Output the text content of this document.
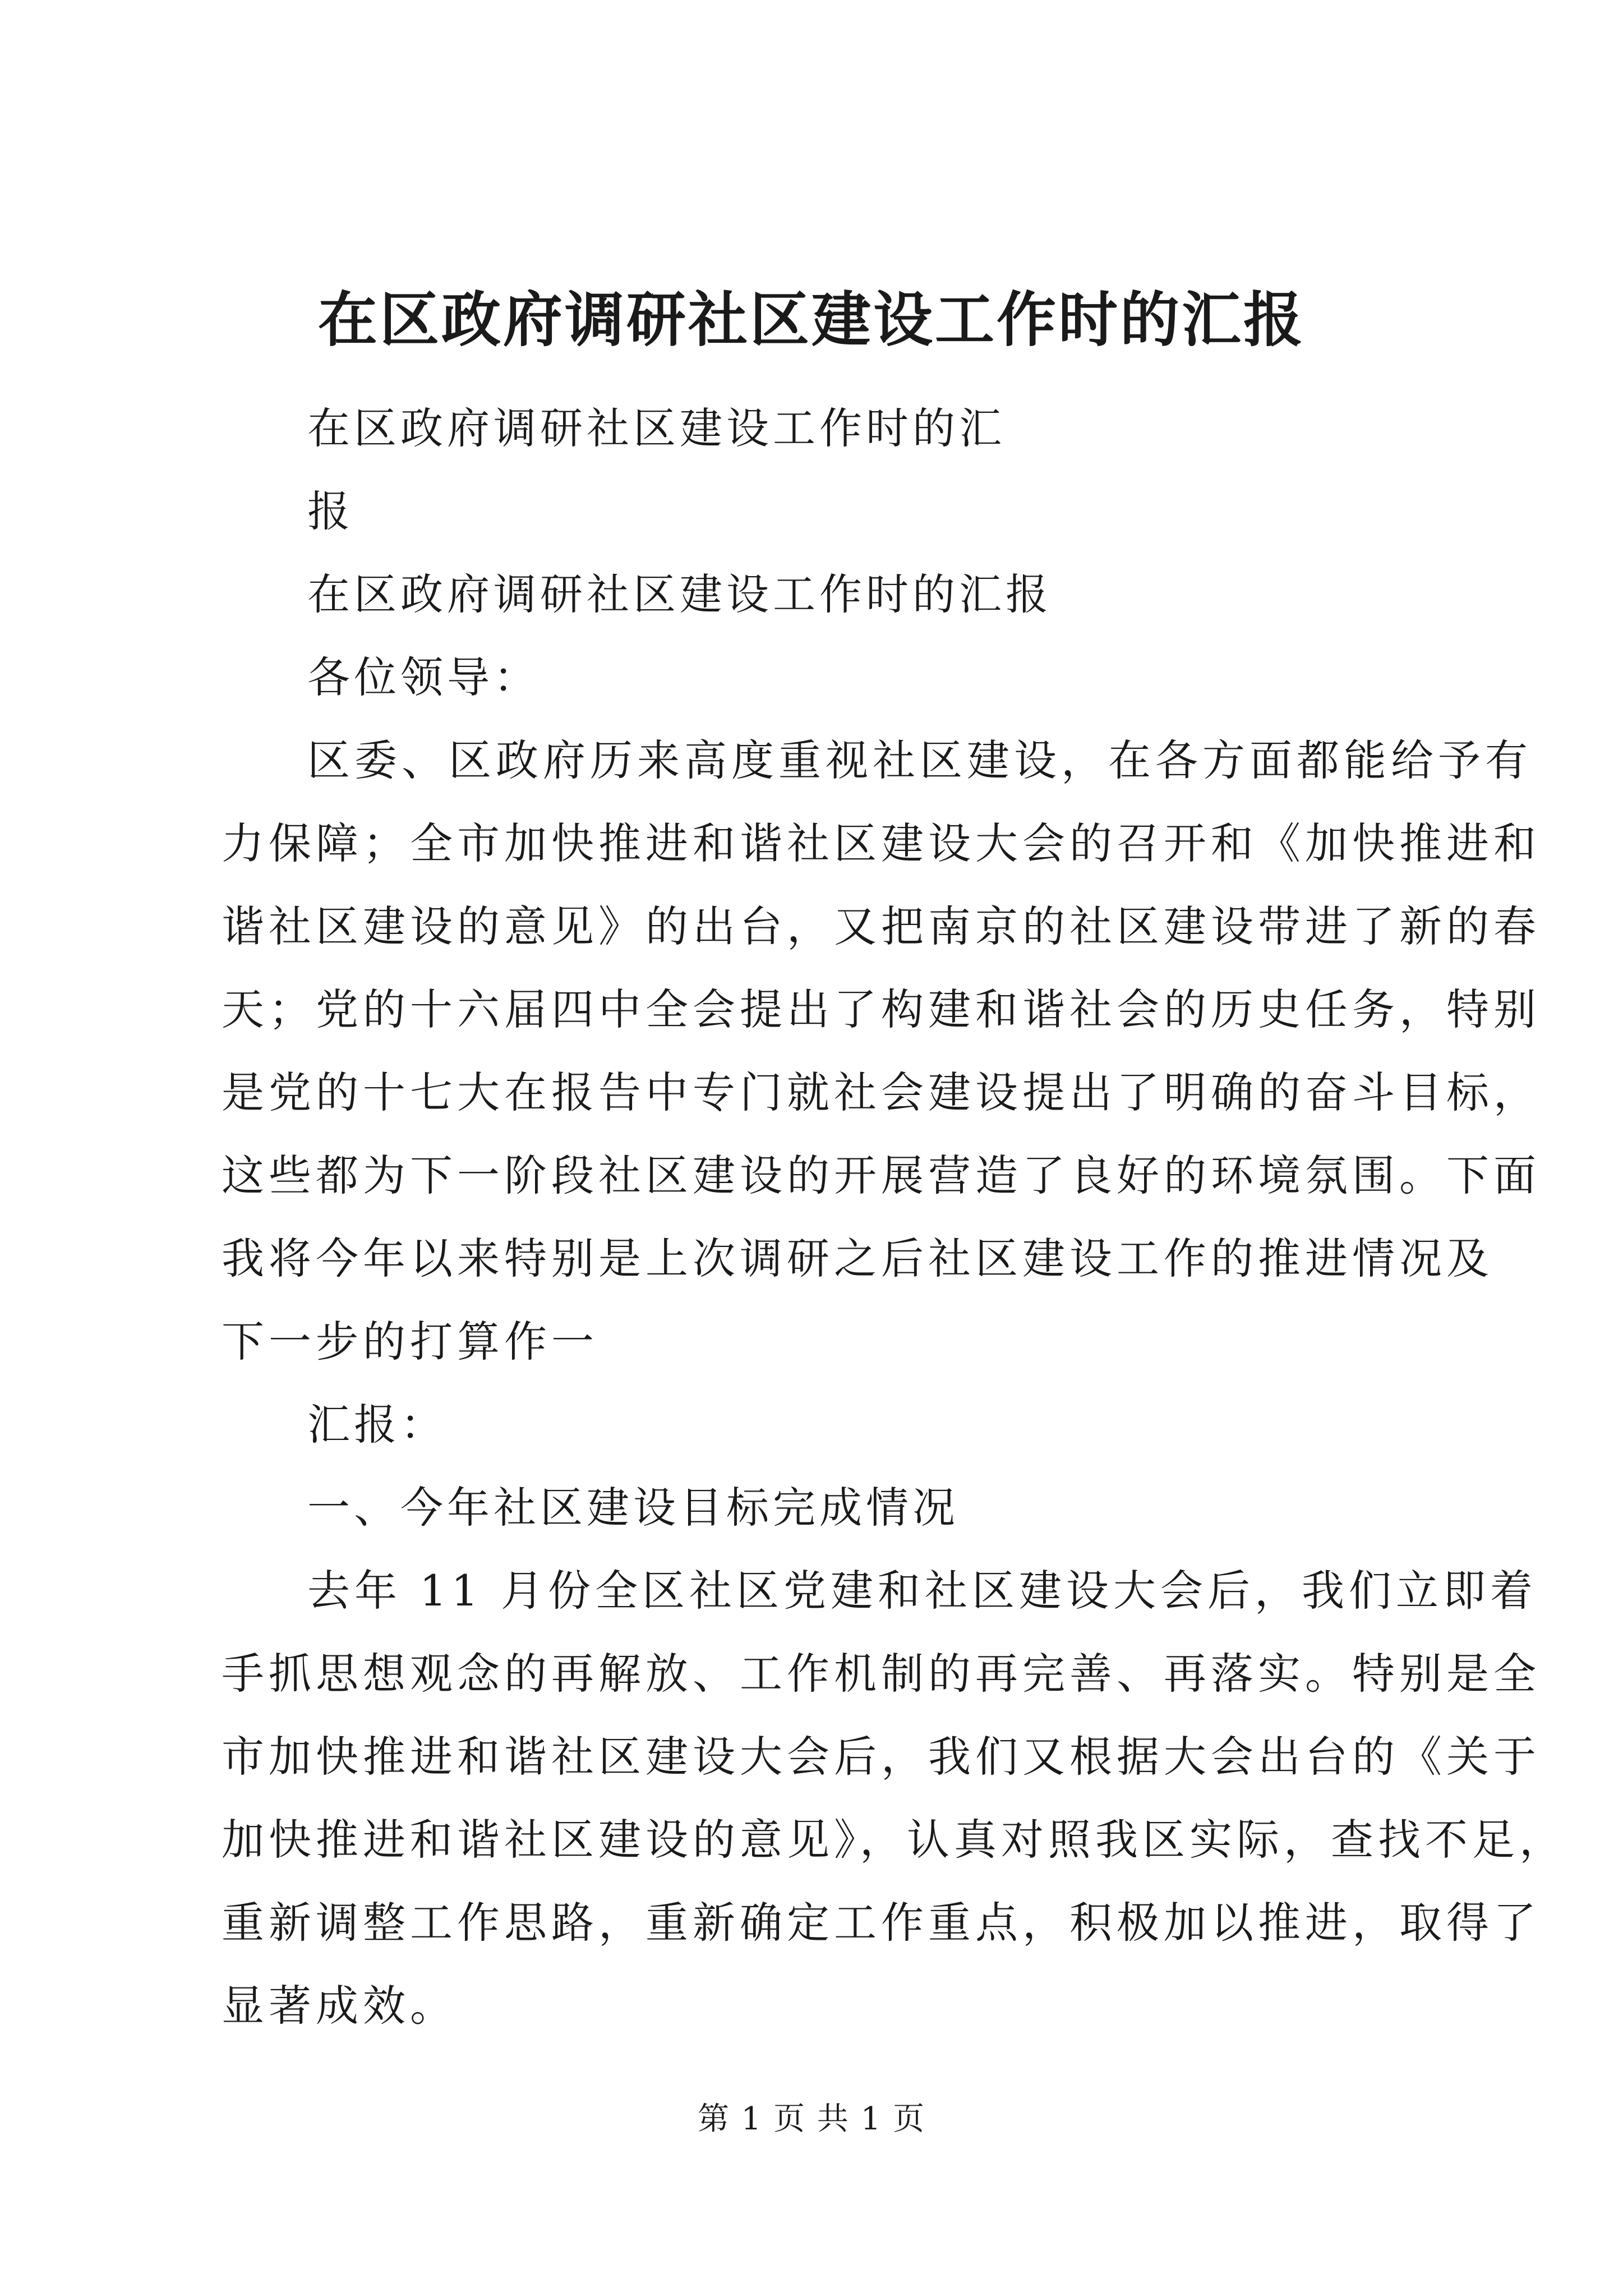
在区政府调研社区建设工作时的汇报
在区政府调研社区建设工作时的汇
报
在区政府调研社区建设工作时的汇报
各位领导：
区委、区政府历来高度重视社区建设，在各方面都能给予有
力保障；全市加快推进和谐社区建设大会的召开和《加快推进和
谐社区建设的意见》的出台，又把南京的社区建设带进了新的春
天；党的十六届四中全会提出了构建和谐社会的历史任务，特别
是党的十七大在报告中专门就社会建设提出了明确的奋斗目标，
这些都为下一阶段社区建设的开展营造了良好的环境氛围。下面
我将今年以来特别是上次调研之后社区建设工作的推进情况及
下一步的打算作一
汇报：
一、今年社区建设目标完成情况
去年 11 月份全区社区党建和社区建设大会后，我们立即着
手抓思想观念的再解放、工作机制的再完善、再落实。特别是全
市加快推进和谐社区建设大会后，我们又根据大会出台的《关于
加快推进和谐社区建设的意见》，认真对照我区实际，查找不足，
重新调整工作思路，重新确定工作重点，积极加以推进，取得了
显著成效。
第 1 页 共 1 页
